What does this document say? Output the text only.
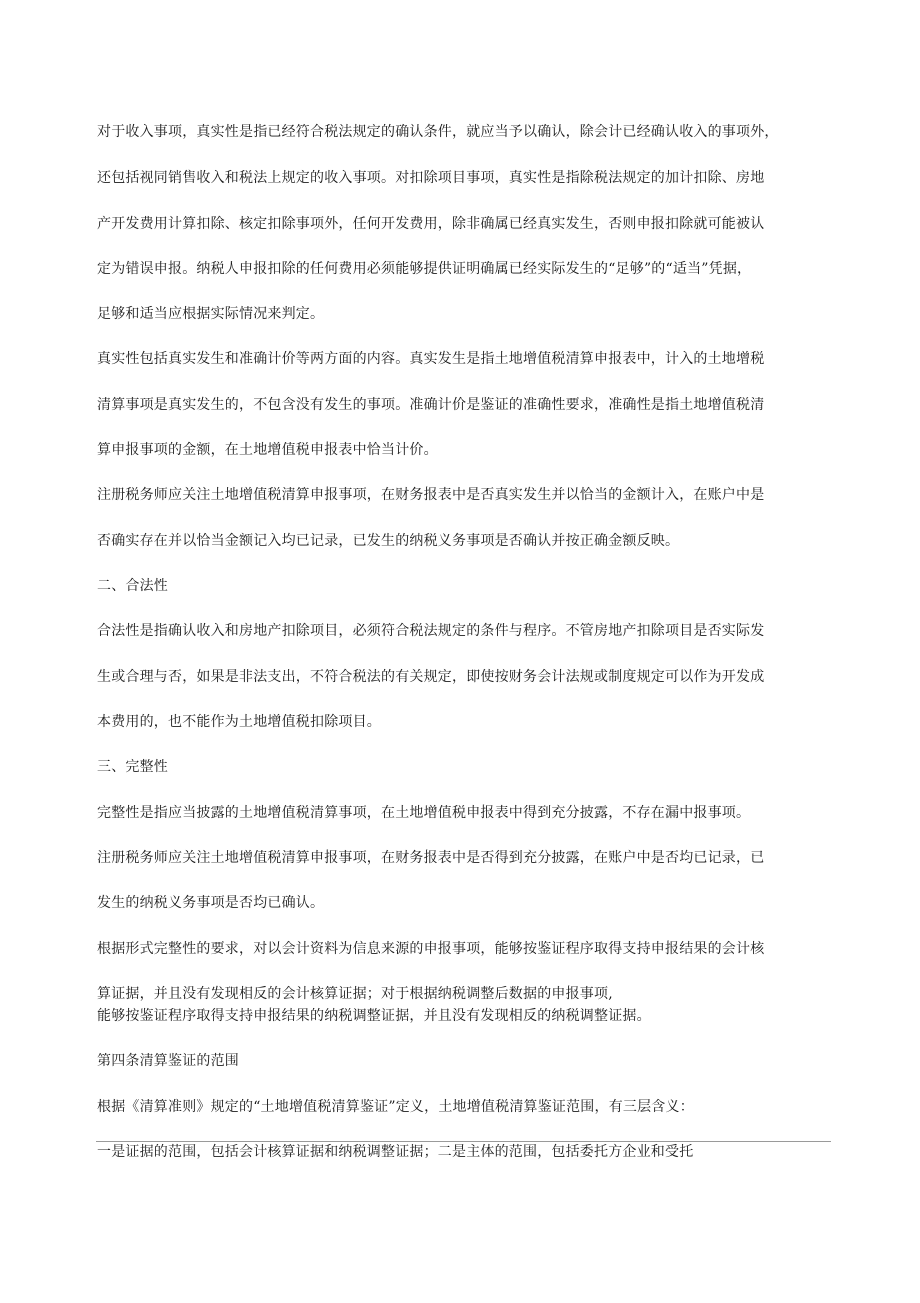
对于收入事项，真实性是指已经符合税法规定的确认条件，就应当予以确认，除会计已经确认收入的事项外，
还包括视同销售收入和税法上规定的收入事项。对扣除项目事项，真实性是指除税法规定的加计扣除、房地
产开发费用计算扣除、核定扣除事项外，任何开发费用，除非确属已经真实发生，否则申报扣除就可能被认
定为错误申报。纳税人申报扣除的任何费用必须能够提供证明确属已经实际发生的“足够”的“适当”凭据，
足够和适当应根据实际情况来判定。
真实性包括真实发生和准确计价等两方面的内容。真实发生是指土地增值税清算申报表中，计入的土地增税
清算事项是真实发生的，不包含没有发生的事项。准确计价是鉴证的准确性要求，准确性是指土地增值税清
算申报事项的金额，在土地增值税申报表中恰当计价。
注册税务师应关注土地增值税清算申报事项，在财务报表中是否真实发生并以恰当的金额计入，在账户中是
否确实存在并以恰当金额记入均已记录，已发生的纳税义务事项是否确认并按正确金额反映。
二、合法性
合法性是指确认收入和房地产扣除项目，必须符合税法规定的条件与程序。不管房地产扣除项目是否实际发
生或合理与否，如果是非法支出，不符合税法的有关规定，即使按财务会计法规或制度规定可以作为开发成
本费用的，也不能作为土地增值税扣除项目。
三、完整性
完整性是指应当披露的土地增值税清算事项，在土地增值税申报表中得到充分披露，不存在漏中报事项。
注册税务师应关注土地增值税清算申报事项，在财务报表中是否得到充分披露，在账户中是否均已记录，已
发生的纳税义务事项是否均已确认。
根据形式完整性的要求，对以会计资料为信息来源的申报事项，能够按鉴证程序取得支持申报结果的会计核
算证据，并且没有发现相反的会计核算证据；对于根据纳税调整后数据的申报事项,
能够按鉴证程序取得支持申报结果的纳税调整证据，并且没有发现相反的纳税调整证据。
第四条清算鉴证的范围
根据《清算准则》规定的“土地增值税清算鉴证”定义，土地增值税清算鉴证范围，有三层含义：
一是证据的范围，包括会计核算证据和纳税调整证据；二是主体的范围，包括委托方企业和受托
